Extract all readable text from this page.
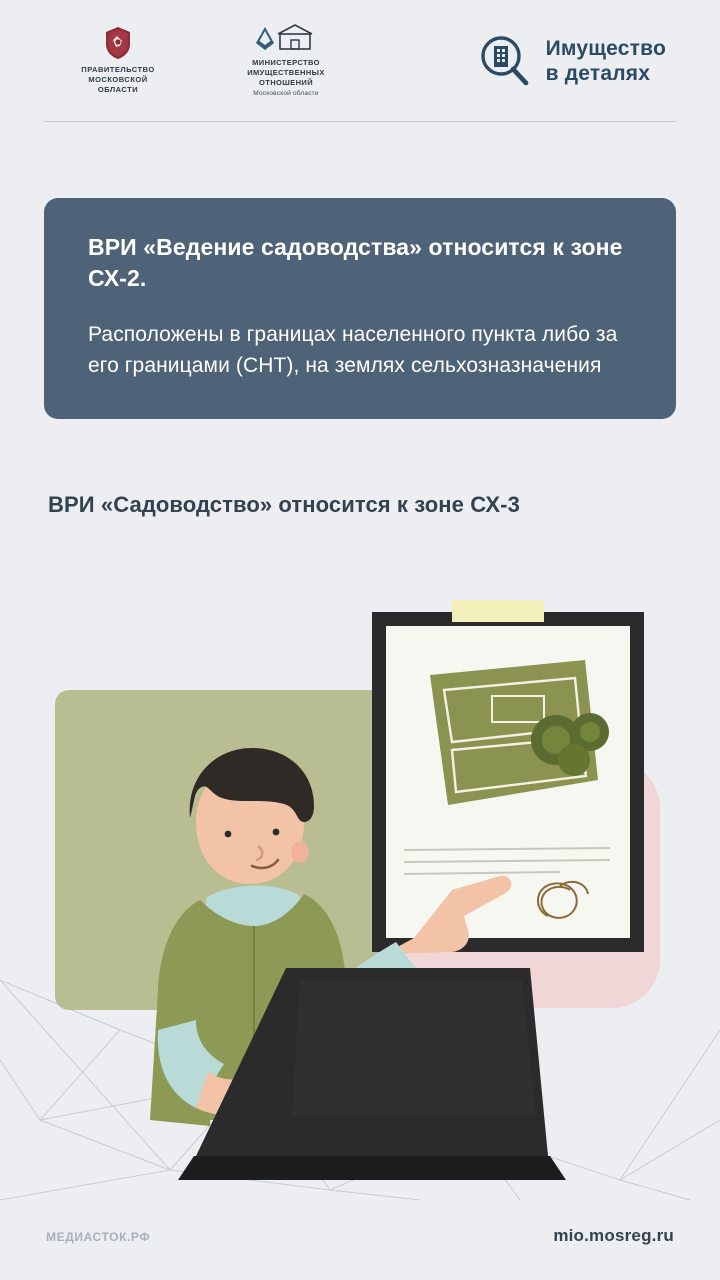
ПРАВИТЕЛЬСТВО
МОСКОВСКОЙ
ОБЛАСТИ
МИНИСТЕРСТВО
ИМУЩЕСТВЕННЫХ
ОТНОШЕНИЙ
Московской области
Имущество
в деталях

ВРИ «Ведение садоводства» относится к зоне СХ-2.

Расположены в границах населенного пункта либо за его границами (СНТ), на землях сельхозназначения

ВРИ «Садоводство» относится к зоне СХ-3
МЕДИАСТОК.РФ	mio.mosreg.ru
